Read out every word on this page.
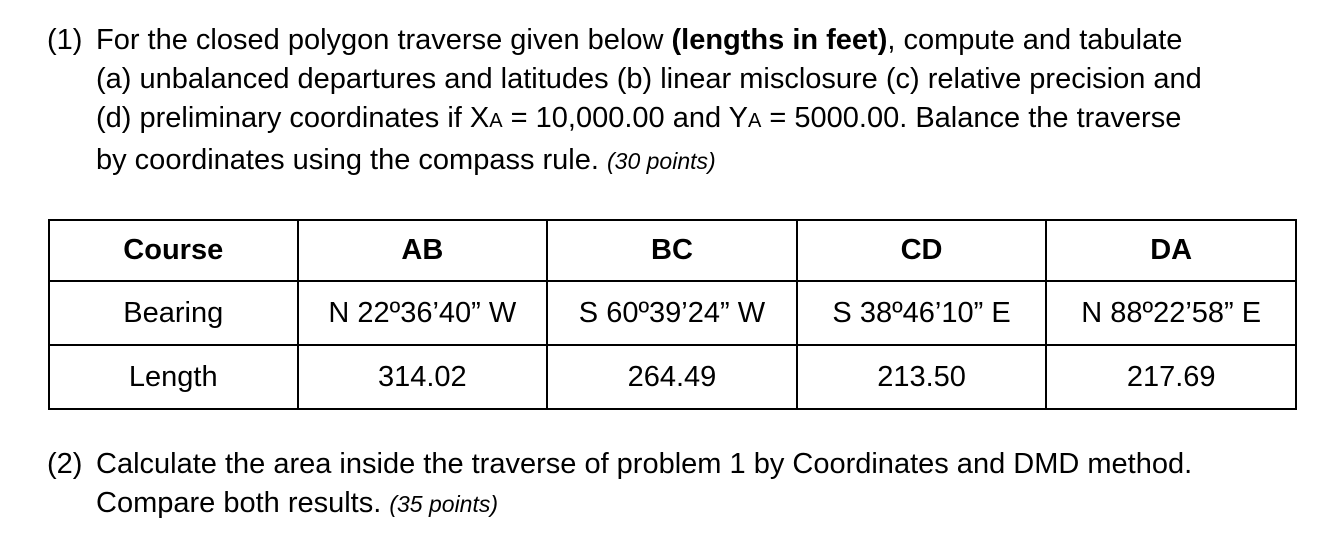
(1) For the closed polygon traverse given below (lengths in feet), compute and tabulate
(a) unbalanced departures and latitudes (b) linear misclosure (c) relative precision and
(d) preliminary coordinates if XA = 10,000.00 and YA = 5000.00. Balance the traverse
by coordinates using the compass rule. (30 points)
Course	AB	BC	CD	DA
Bearing	N 22º36’40” W	S 60º39’24” W	S 38º46’10” E	N 88º22’58” E
Length	314.02	264.49	213.50	217.69
(2) Calculate the area inside the traverse of problem 1 by Coordinates and DMD method.
Compare both results. (35 points)
